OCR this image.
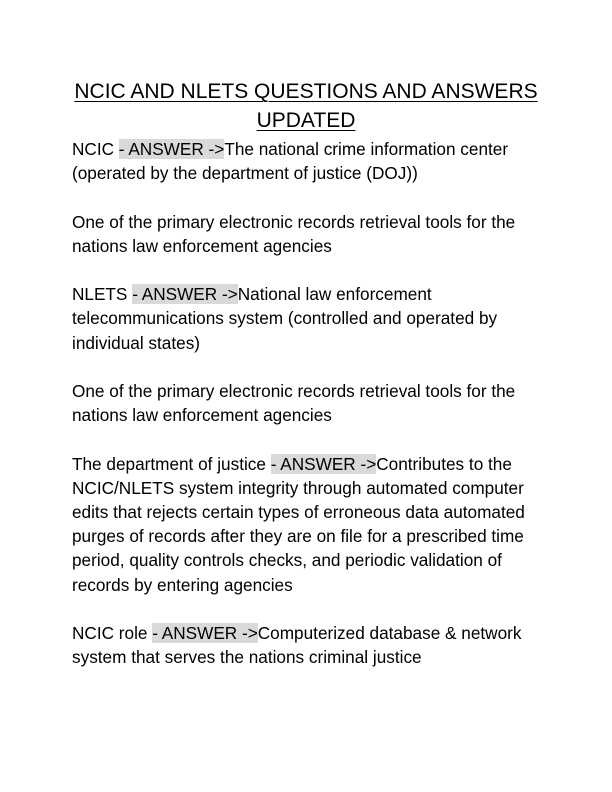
NCIC AND NLETS QUESTIONS AND ANSWERS
UPDATED

NCIC - ANSWER ->The national crime information center (operated by the department of justice (DOJ))

One of the primary electronic records retrieval tools for the nations law enforcement agencies

NLETS - ANSWER ->National law enforcement telecommunications system (controlled and operated by individual states)

One of the primary electronic records retrieval tools for the nations law enforcement agencies

The department of justice - ANSWER ->Contributes to the NCIC/NLETS system integrity through automated computer edits that rejects certain types of erroneous data automated purges of records after they are on file for a prescribed time period, quality controls checks, and periodic validation of records by entering agencies

NCIC role - ANSWER ->Computerized database & network system that serves the nations criminal justice
